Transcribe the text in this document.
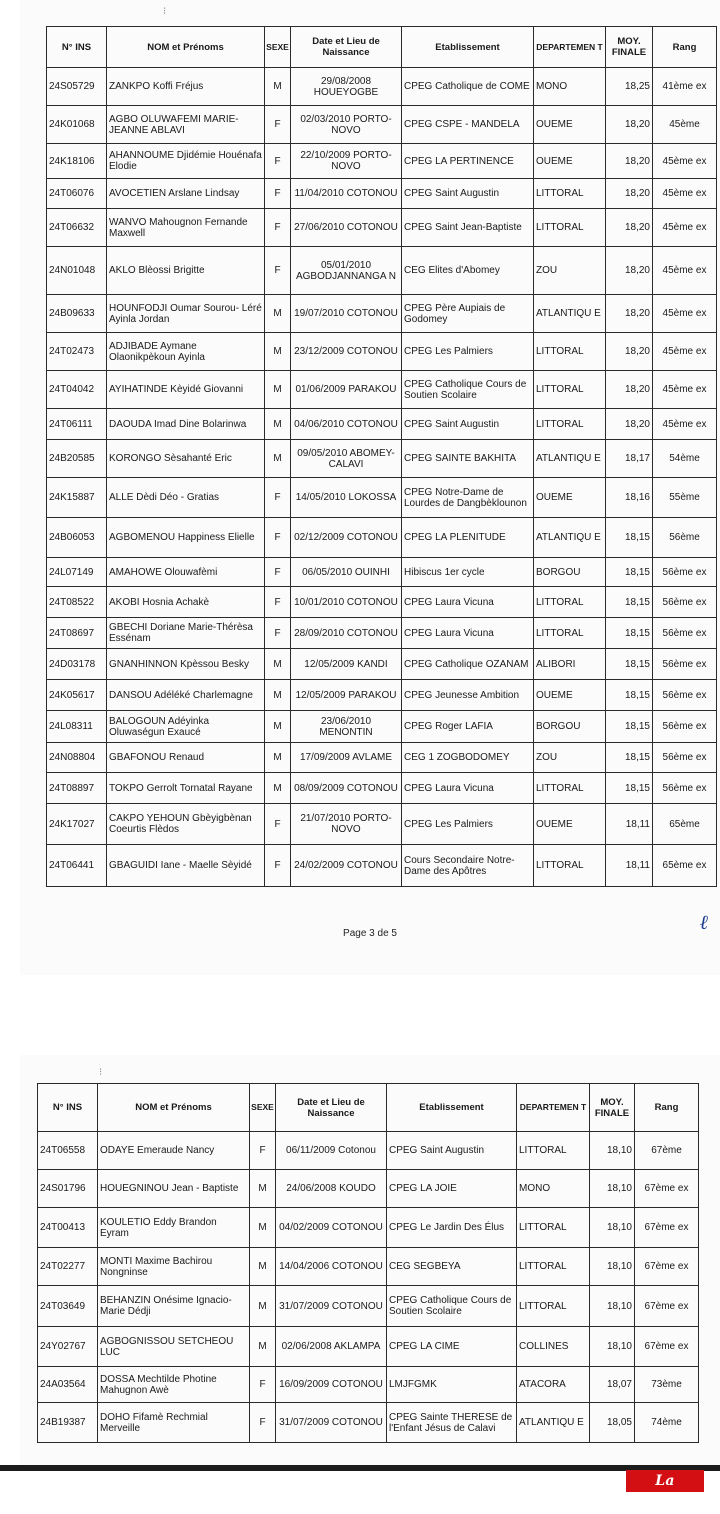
⁝
N° INS	NOM et Prénoms	SEXE	Date et Lieu de Naissance	Etablissement	DEPARTEMEN T	MOY. FINALE	Rang
24S05729	ZANKPO Koffi Fréjus	M	29/08/2008 HOUEYOGBE	CPEG Catholique de COME	MONO	18,25	41ème ex
24K01068	AGBO OLUWAFEMI MARIE-JEANNE ABLAVI	F	02/03/2010 PORTO-NOVO	CPEG CSPE - MANDELA	OUEME	18,20	45ème
24K18106	AHANNOUME Djidémie Houénafa Elodie	F	22/10/2009 PORTO-NOVO	CPEG LA PERTINENCE	OUEME	18,20	45ème ex
24T06076	AVOCETIEN Arslane Lindsay	F	11/04/2010 COTONOU	CPEG Saint Augustin	LITTORAL	18,20	45ème ex
24T06632	WANVO Mahougnon Fernande Maxwell	F	27/06/2010 COTONOU	CPEG Saint Jean-Baptiste	LITTORAL	18,20	45ème ex
24N01048	AKLO Blèossi Brigitte	F	05/01/2010 AGBODJANNANGA N	CEG Elites d'Abomey	ZOU	18,20	45ème ex
24B09633	HOUNFODJI Oumar Sourou- Léré Ayinla Jordan	M	19/07/2010 COTONOU	CPEG Père Aupiais de Godomey	ATLANTIQU E	18,20	45ème ex
24T02473	ADJIBADE Aymane Olaonikpèkoun Ayinla	M	23/12/2009 COTONOU	CPEG Les Palmiers	LITTORAL	18,20	45ème ex
24T04042	AYIHATINDE Kèyidé Giovanni	M	01/06/2009 PARAKOU	CPEG Catholique Cours de Soutien Scolaire	LITTORAL	18,20	45ème ex
24T06111	DAOUDA Imad Dine Bolarinwa	M	04/06/2010 COTONOU	CPEG Saint Augustin	LITTORAL	18,20	45ème ex
24B20585	KORONGO Sèsahanté Eric	M	09/05/2010 ABOMEY-CALAVI	CPEG SAINTE BAKHITA	ATLANTIQU E	18,17	54ème
24K15887	ALLE Dèdi Déo - Gratias	F	14/05/2010 LOKOSSA	CPEG Notre-Dame de Lourdes de Dangbèklounon	OUEME	18,16	55ème
24B06053	AGBOMENOU Happiness Elielle	F	02/12/2009 COTONOU	CPEG LA PLENITUDE	ATLANTIQU E	18,15	56ème
24L07149	AMAHOWE Olouwafèmi	F	06/05/2010 OUINHI	Hibiscus 1er cycle	BORGOU	18,15	56ème ex
24T08522	AKOBI Hosnia Achakè	F	10/01/2010 COTONOU	CPEG Laura Vicuna	LITTORAL	18,15	56ème ex
24T08697	GBECHI Doriane Marie-Thérèsa Essénam	F	28/09/2010 COTONOU	CPEG Laura Vicuna	LITTORAL	18,15	56ème ex
24D03178	GNANHINNON Kpèssou Besky	M	12/05/2009 KANDI	CPEG Catholique OZANAM	ALIBORI	18,15	56ème ex
24K05617	DANSOU Adéléké Charlemagne	M	12/05/2009 PARAKOU	CPEG Jeunesse Ambition	OUEME	18,15	56ème ex
24L08311	BALOGOUN Adéyinka Oluwaségun Exaucé	M	23/06/2010 MENONTIN	CPEG Roger LAFIA	BORGOU	18,15	56ème ex
24N08804	GBAFONOU Renaud	M	17/09/2009 AVLAME	CEG 1 ZOGBODOMEY	ZOU	18,15	56ème ex
24T08897	TOKPO Gerrolt Tornatal Rayane	M	08/09/2009 COTONOU	CPEG Laura Vicuna	LITTORAL	18,15	56ème ex
24K17027	CAKPO YEHOUN Gbèyigbènan Coeurtis Flèdos	F	21/07/2010 PORTO-NOVO	CPEG Les Palmiers	OUEME	18,11	65ème
24T06441	GBAGUIDI Iane - Maelle Sèyidé	F	24/02/2009 COTONOU	Cours Secondaire Notre-Dame des Apôtres	LITTORAL	18,11	65ème ex
Page 3 de 5	ℓ
⁝
N° INS	NOM et Prénoms	SEXE	Date et Lieu de Naissance	Etablissement	DEPARTEMEN T	MOY. FINALE	Rang
24T06558	ODAYE Emeraude Nancy	F	06/11/2009 Cotonou	CPEG Saint Augustin	LITTORAL	18,10	67ème
24S01796	HOUEGNINOU Jean - Baptiste	M	24/06/2008 KOUDO	CPEG LA JOIE	MONO	18,10	67ème ex
24T00413	KOULETIO Eddy Brandon Eyram	M	04/02/2009 COTONOU	CPEG Le Jardin Des Élus	LITTORAL	18,10	67ème ex
24T02277	MONTI Maxime Bachirou Nongninse	M	14/04/2006 COTONOU	CEG SEGBEYA	LITTORAL	18,10	67ème ex
24T03649	BEHANZIN Onésime Ignacio-Marie Dédji	M	31/07/2009 COTONOU	CPEG Catholique Cours de Soutien Scolaire	LITTORAL	18,10	67ème ex
24Y02767	AGBOGNISSOU SETCHEOU LUC	M	02/06/2008 AKLAMPA	CPEG LA CIME	COLLINES	18,10	67ème ex
24A03564	DOSSA Mechtilde Photine Mahugnon Awè	F	16/09/2009 COTONOU	LMJFGMK	ATACORA	18,07	73ème
24B19387	DOHO Fifamè Rechmial Merveille	F	31/07/2009 COTONOU	CPEG Sainte THERESE de l'Enfant Jésus de Calavi	ATLANTIQU E	18,05	74ème
La Tempête
